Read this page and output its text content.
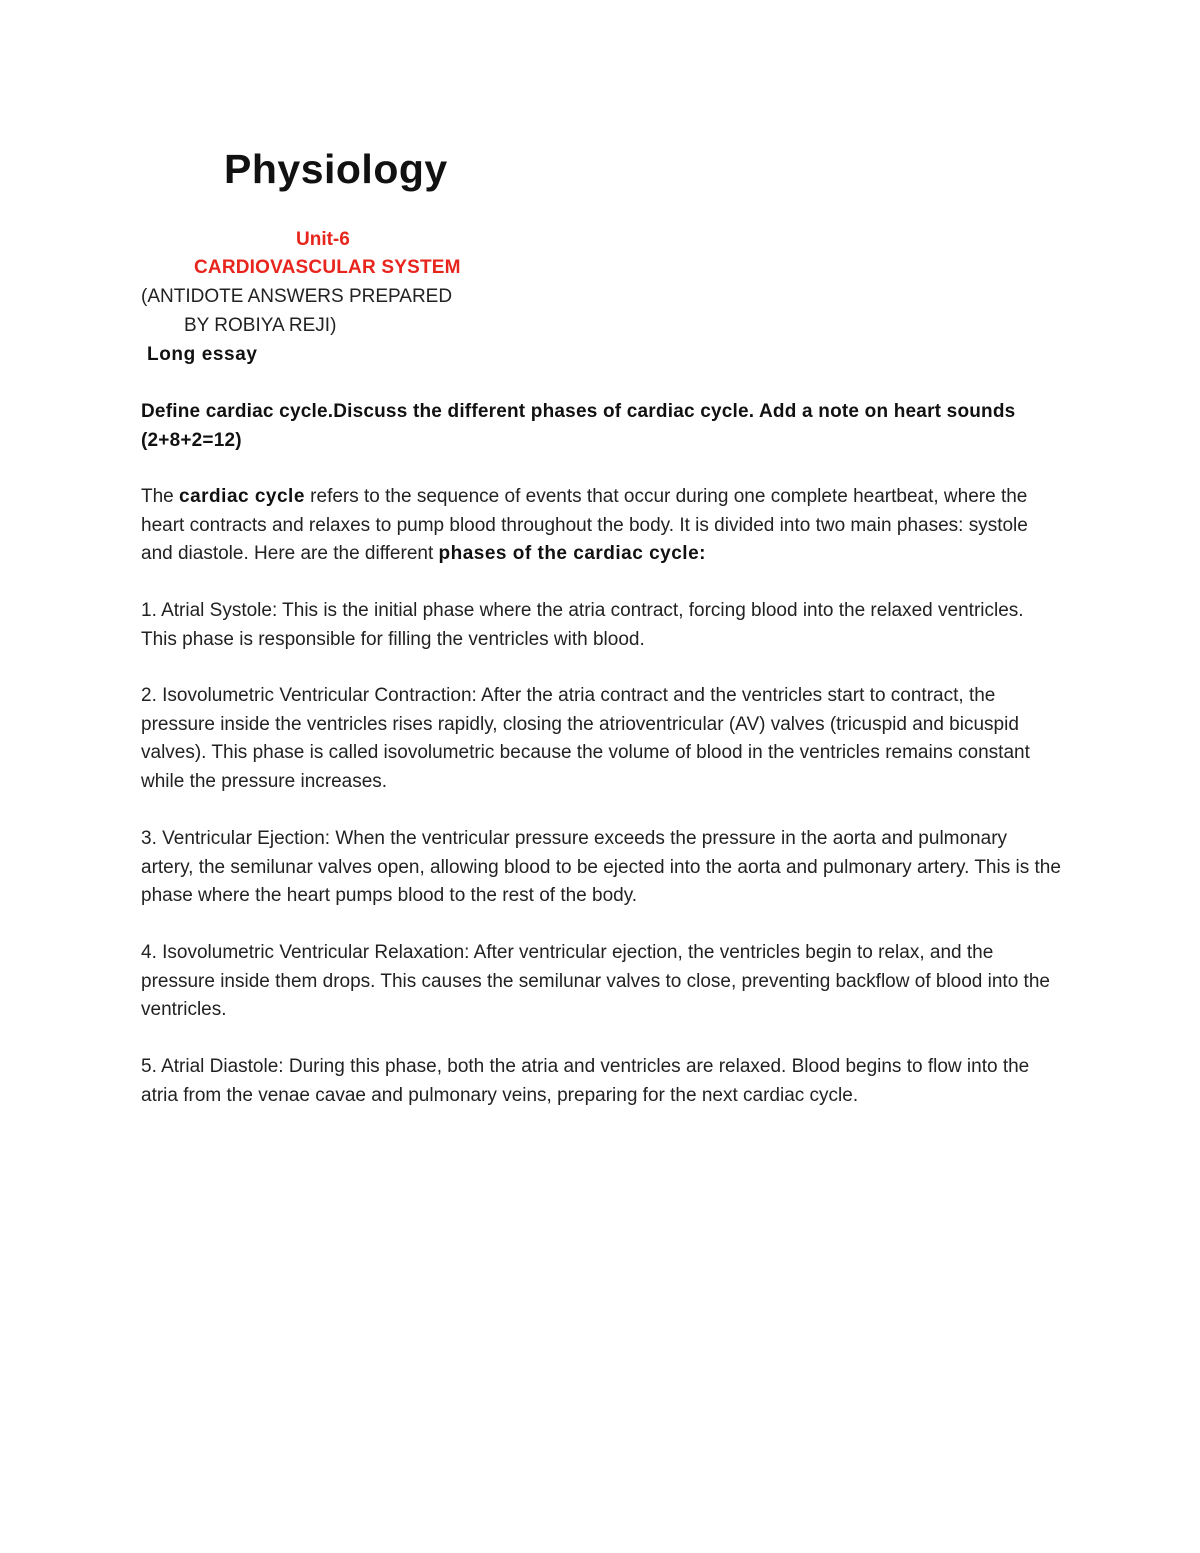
Physiology
Unit-6
CARDIOVASCULAR SYSTEM
(ANTIDOTE ANSWERS PREPARED
BY ROBIYA REJI)
Long essay

Define cardiac cycle.Discuss the different phases of cardiac cycle. Add a note on heart sounds (2+8+2=12)

The cardiac cycle refers to the sequence of events that occur during one complete heartbeat, where the heart contracts and relaxes to pump blood throughout the body. It is divided into two main phases: systole and diastole. Here are the different phases of the cardiac cycle:

1. Atrial Systole: This is the initial phase where the atria contract, forcing blood into the relaxed ventricles. This phase is responsible for filling the ventricles with blood.

2. Isovolumetric Ventricular Contraction: After the atria contract and the ventricles start to contract, the pressure inside the ventricles rises rapidly, closing the atrioventricular (AV) valves (tricuspid and bicuspid valves). This phase is called isovolumetric because the volume of blood in the ventricles remains constant while the pressure increases.

3. Ventricular Ejection: When the ventricular pressure exceeds the pressure in the aorta and pulmonary artery, the semilunar valves open, allowing blood to be ejected into the aorta and pulmonary artery. This is the phase where the heart pumps blood to the rest of the body.

4. Isovolumetric Ventricular Relaxation: After ventricular ejection, the ventricles begin to relax, and the pressure inside them drops. This causes the semilunar valves to close, preventing backflow of blood into the ventricles.

5. Atrial Diastole: During this phase, both the atria and ventricles are relaxed. Blood begins to flow into the atria from the venae cavae and pulmonary veins, preparing for the next cardiac cycle.
